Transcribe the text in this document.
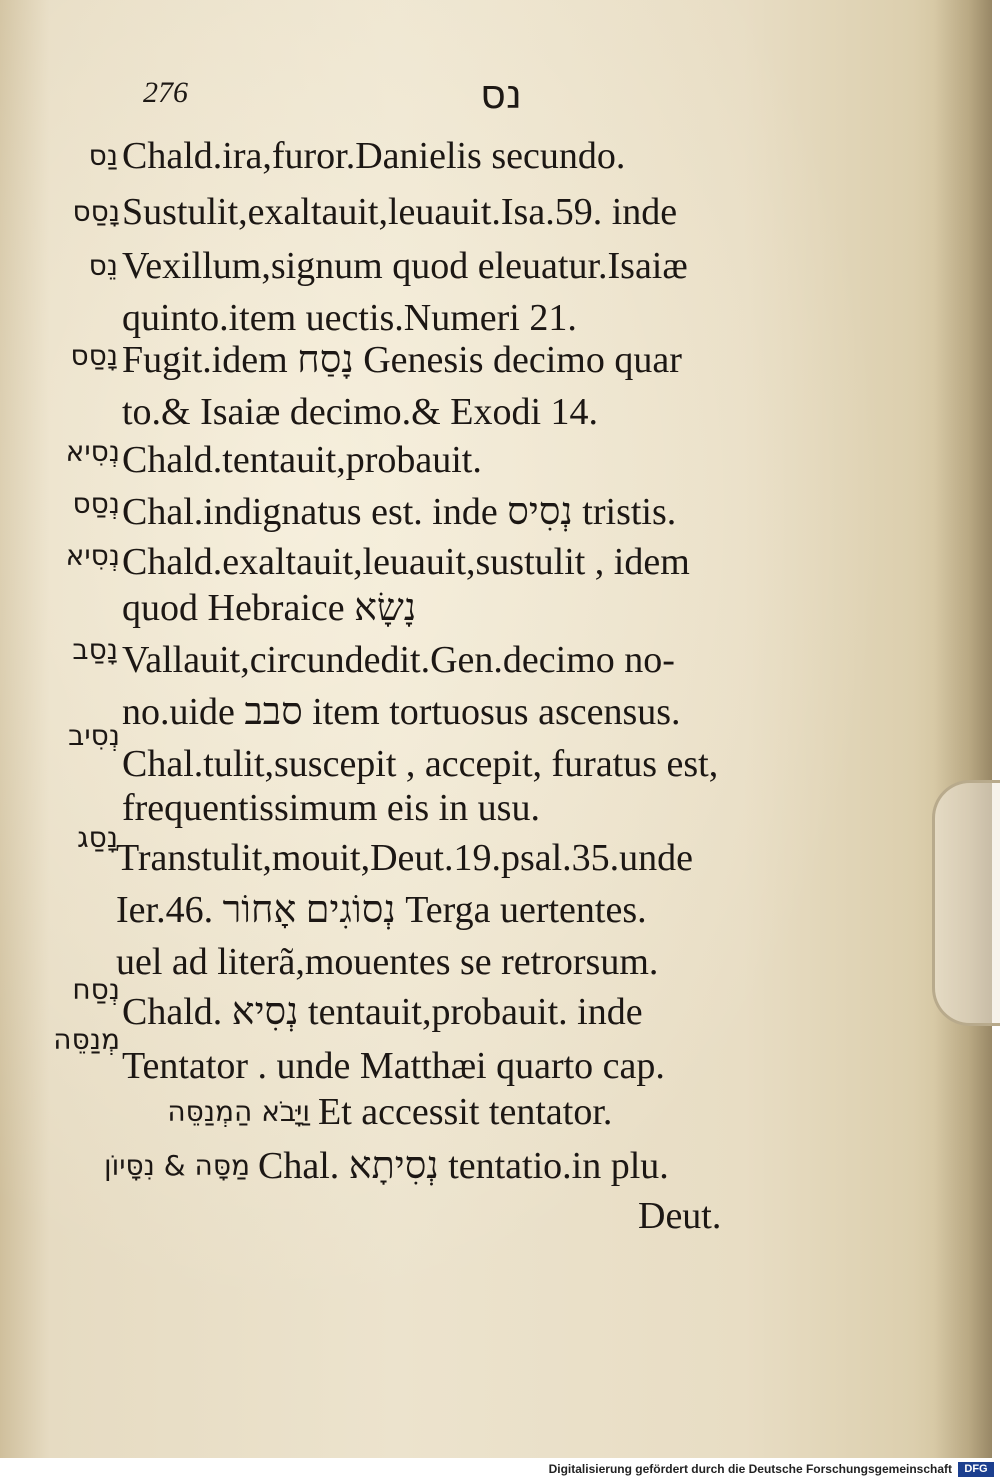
276	נס
נַס Chald.ira,furor.Danielis secundo.
נָסַס Sustulit,exaltauit,leuauit.Isa.59. inde
נֵס Vexillum,signum quod eleuatur.Isaiæ
quinto.item uectis.Numeri 21.
נָסַס Fugit.idem נָסַח Genesis decimo quar
to.& Isaiæ decimo.& Exodi 14.
נְסִיא Chald.tentauit,probauit.
נְסַס Chal.indignatus est. inde נְסִיס tristis.
נְסִיא Chald.exaltauit,leuauit,sustulit , idem
quod Hebraice נָשָׂא
נָסַב Vallauit,circundedit.Gen.decimo no-
no.uide סבב item tortuosus ascensus.
נְסִיב
Chal.tulit,suscepit , accepit, furatus est,
frequentissimum eis in usu.
נָסַג
Transtulit,mouit,Deut.19.psal.35.unde
Ier.46. נְסוֹגִים אָחוֹר Terga uertentes.
uel ad literã,mouentes se retrorsum.
נְסַח
Chald. נְסִיא tentauit,probauit. inde
מְנַסֵּה
Tentator . unde Matthæi quarto cap.
וַיָּבֹא הַמְנַסֵּה Et accessit tentator.
מַסָּה & נִסָּיוֹן Chal. נְסִיתָא tentatio.in plu.
Deut.
Digitalisierung gefördert durch die Deutsche Forschungsgemeinschaft	DFG
